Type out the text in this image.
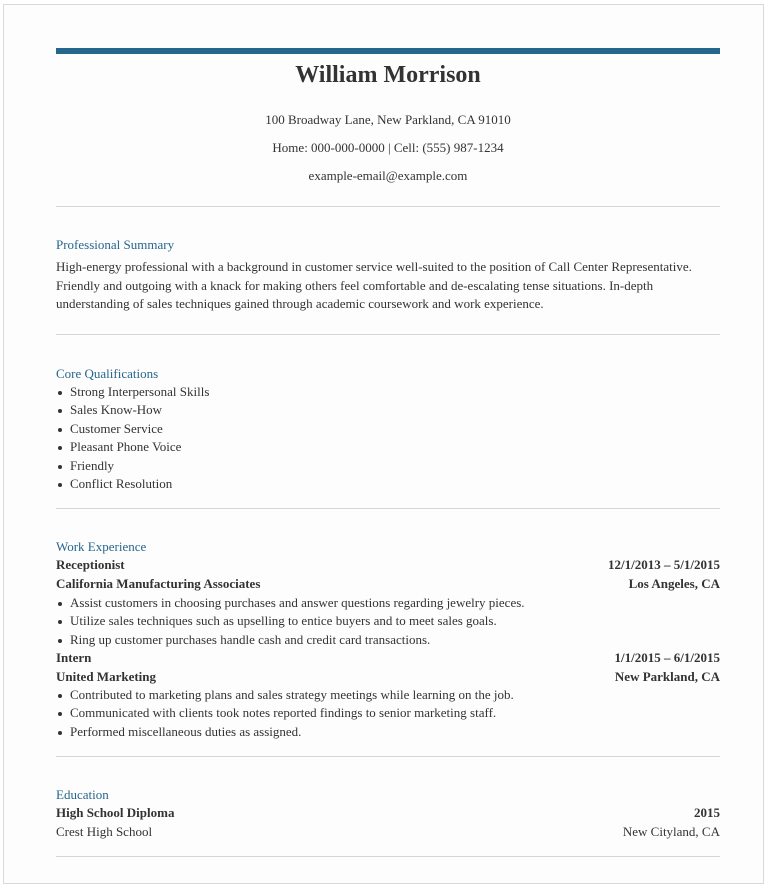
William Morrison
100 Broadway Lane, New Parkland, CA 91010
Home: 000-000-0000 | Cell: (555) 987-1234
example-email@example.com
Professional Summary
High-energy professional with a background in customer service well-suited to the position of Call Center Representative. Friendly and outgoing with a knack for making others feel comfortable and de-escalating tense situations. In-depth understanding of sales techniques gained through academic coursework and work experience.
Core Qualifications
Strong Interpersonal Skills
Sales Know-How
Customer Service
Pleasant Phone Voice
Friendly
Conflict Resolution
Work Experience
Receptionist	12/1/2013 – 5/1/2015
California Manufacturing Associates	Los Angeles, CA
Assist customers in choosing purchases and answer questions regarding jewelry pieces.
Utilize sales techniques such as upselling to entice buyers and to meet sales goals.
Ring up customer purchases handle cash and credit card transactions.
Intern	1/1/2015 – 6/1/2015
United Marketing	New Parkland, CA
Contributed to marketing plans and sales strategy meetings while learning on the job.
Communicated with clients took notes reported findings to senior marketing staff.
Performed miscellaneous duties as assigned.
Education
High School Diploma	2015
Crest High School	New Cityland, CA
